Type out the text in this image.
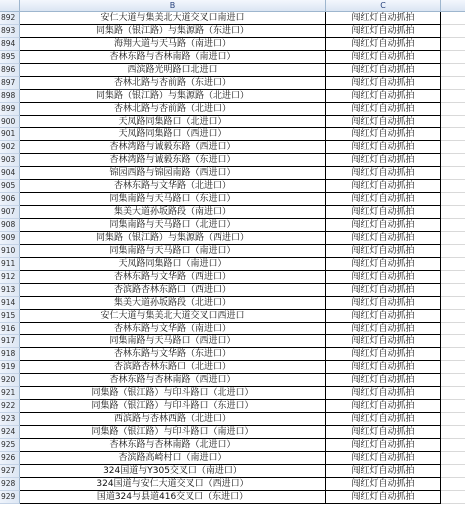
B	C
892	安仁大道与集美北大道交叉口南进口	闯红灯自动抓拍
893	同集路（银江路）与集源路（东进口）	闯红灯自动抓拍
894	海翔大道与天马路（南进口）	闯红灯自动抓拍
895	杏林东路与杏林南路（南进口）	闯红灯自动抓拍
896	西滨路光明路口北进口	闯红灯自动抓拍
897	杏林北路与杏前路（东进口）	闯红灯自动抓拍
898	同集路（银江路）与集源路（北进口）	闯红灯自动抓拍
899	杏林北路与杏前路（北进口）	闯红灯自动抓拍
900	天凤路同集路口（北进口）	闯红灯自动抓拍
901	天凤路同集路口（西进口）	闯红灯自动抓拍
902	杏林湾路与诚毅东路（西进口）	闯红灯自动抓拍
903	杏林湾路与诚毅东路（东进口）	闯红灯自动抓拍
904	锦园西路与锦园南路（西进口）	闯红灯自动抓拍
905	杏林东路与文华路（北进口）	闯红灯自动抓拍
906	同集南路与天马路口（东进口）	闯红灯自动抓拍
907	集美大道孙坂路段（南进口）	闯红灯自动抓拍
908	同集南路与天马路口（北进口）	闯红灯自动抓拍
909	同集路（银江路）与集源路（西进口）	闯红灯自动抓拍
910	同集南路与天马路口（南进口）	闯红灯自动抓拍
911	天凤路同集路口（南进口）	闯红灯自动抓拍
912	杏林东路与文华路（西进口）	闯红灯自动抓拍
913	杏滨路杏林东路口（西进口）	闯红灯自动抓拍
914	集美大道孙坂路段（北进口）	闯红灯自动抓拍
915	安仁大道与集美北大道交叉口西进口	闯红灯自动抓拍
916	杏林东路与文华路（南进口）	闯红灯自动抓拍
917	同集南路与天马路口（西进口）	闯红灯自动抓拍
918	杏林东路与文华路（东进口）	闯红灯自动抓拍
919	杏滨路杏林东路口（北进口）	闯红灯自动抓拍
920	杏林东路与杏林南路（西进口）	闯红灯自动抓拍
921	同集路（银江路）与印斗路口（北进口）	闯红灯自动抓拍
922	同集路（银江路）与印斗路口（东进口）	闯红灯自动抓拍
923	西滨路与杏林西路（北进口）	闯红灯自动抓拍
924	同集路（银江路）与印斗路口（南进口）	闯红灯自动抓拍
925	杏林东路与杏林南路（北进口）	闯红灯自动抓拍
926	杏滨路高崎村口（南进口）	闯红灯自动抓拍
927	324国道与Y305交叉口（南进口）	闯红灯自动抓拍
928	324国道与安仁大道交叉口（西进口）	闯红灯自动抓拍
929	国道324与县道416交叉口（东进口）	闯红灯自动抓拍
